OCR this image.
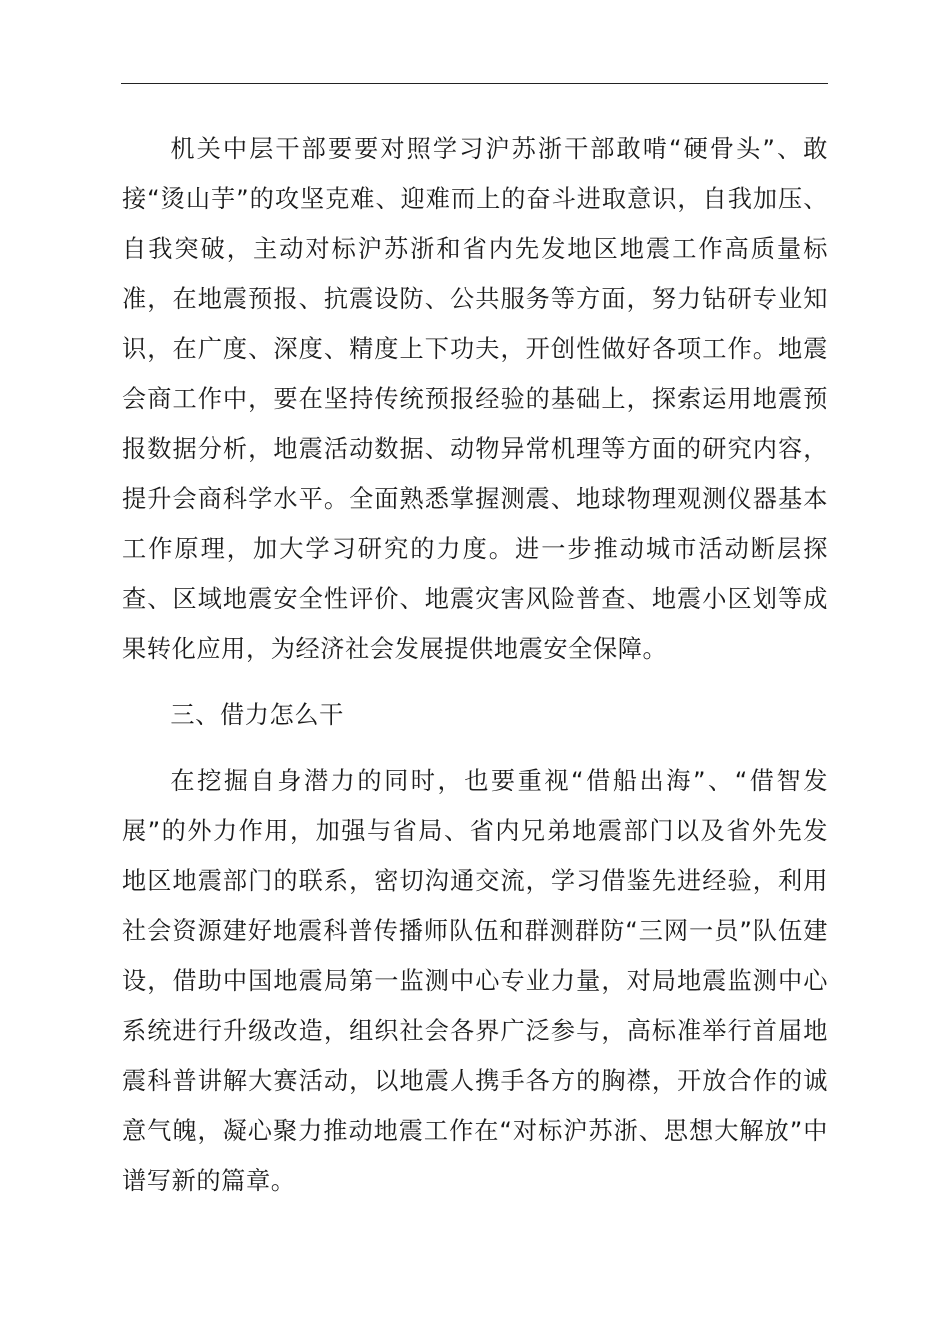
机关中层干部要要对照学习沪苏浙干部敢啃“硬骨头”、敢接“烫山芋”的攻坚克难、迎难而上的奋斗进取意识，自我加压、自我突破，主动对标沪苏浙和省内先发地区地震工作高质量标准，在地震预报、抗震设防、公共服务等方面，努力钻研专业知识，在广度、深度、精度上下功夫，开创性做好各项工作。地震会商工作中，要在坚持传统预报经验的基础上，探索运用地震预报数据分析，地震活动数据、动物异常机理等方面的研究内容，提升会商科学水平。全面熟悉掌握测震、地球物理观测仪器基本工作原理，加大学习研究的力度。进一步推动城市活动断层探查、区域地震安全性评价、地震灾害风险普查、地震小区划等成果转化应用，为经济社会发展提供地震安全保障。

三、借力怎么干

在挖掘自身潜力的同时，也要重视“借船出海”、“借智发展”的外力作用，加强与省局、省内兄弟地震部门以及省外先发地区地震部门的联系，密切沟通交流，学习借鉴先进经验，利用社会资源建好地震科普传播师队伍和群测群防“三网一员”队伍建设，借助中国地震局第一监测中心专业力量，对局地震监测中心系统进行升级改造，组织社会各界广泛参与，高标准举行首届地震科普讲解大赛活动，以地震人携手各方的胸襟，开放合作的诚意气魄，凝心聚力推动地震工作在“对标沪苏浙、思想大解放”中谱写新的篇章。
